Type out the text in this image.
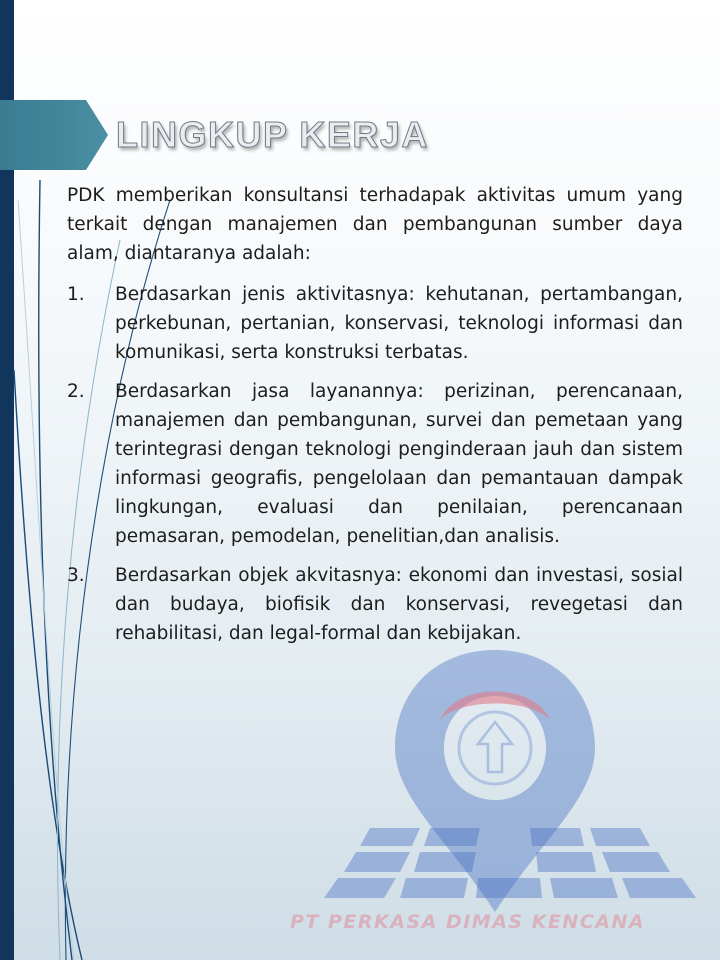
PT PERKASA DIMAS KENCANA
LINGKUP KERJA

PDK memberikan konsultansi terhadapak aktivitas umum yang terkait dengan manajemen dan pembangunan sumber daya alam, diantaranya adalah:

1.	Berdasarkan jenis aktivitasnya: kehutanan, pertambangan, perkebunan, pertanian, konservasi, teknologi informasi dan komunikasi, serta konstruksi terbatas.
2.	Berdasarkan jasa layanannya: perizinan, perencanaan, manajemen dan pembangunan, survei dan pemetaan yang terintegrasi dengan teknologi penginderaan jauh dan sistem informasi geografis, pengelolaan dan pemantauan dampak lingkungan, evaluasi dan penilaian, perencanaan pemasaran, pemodelan, penelitian,dan analisis.
3.	Berdasarkan objek akvitasnya: ekonomi dan investasi, sosial dan budaya, biofisik dan konservasi, revegetasi dan rehabilitasi, dan legal-formal dan kebijakan.
